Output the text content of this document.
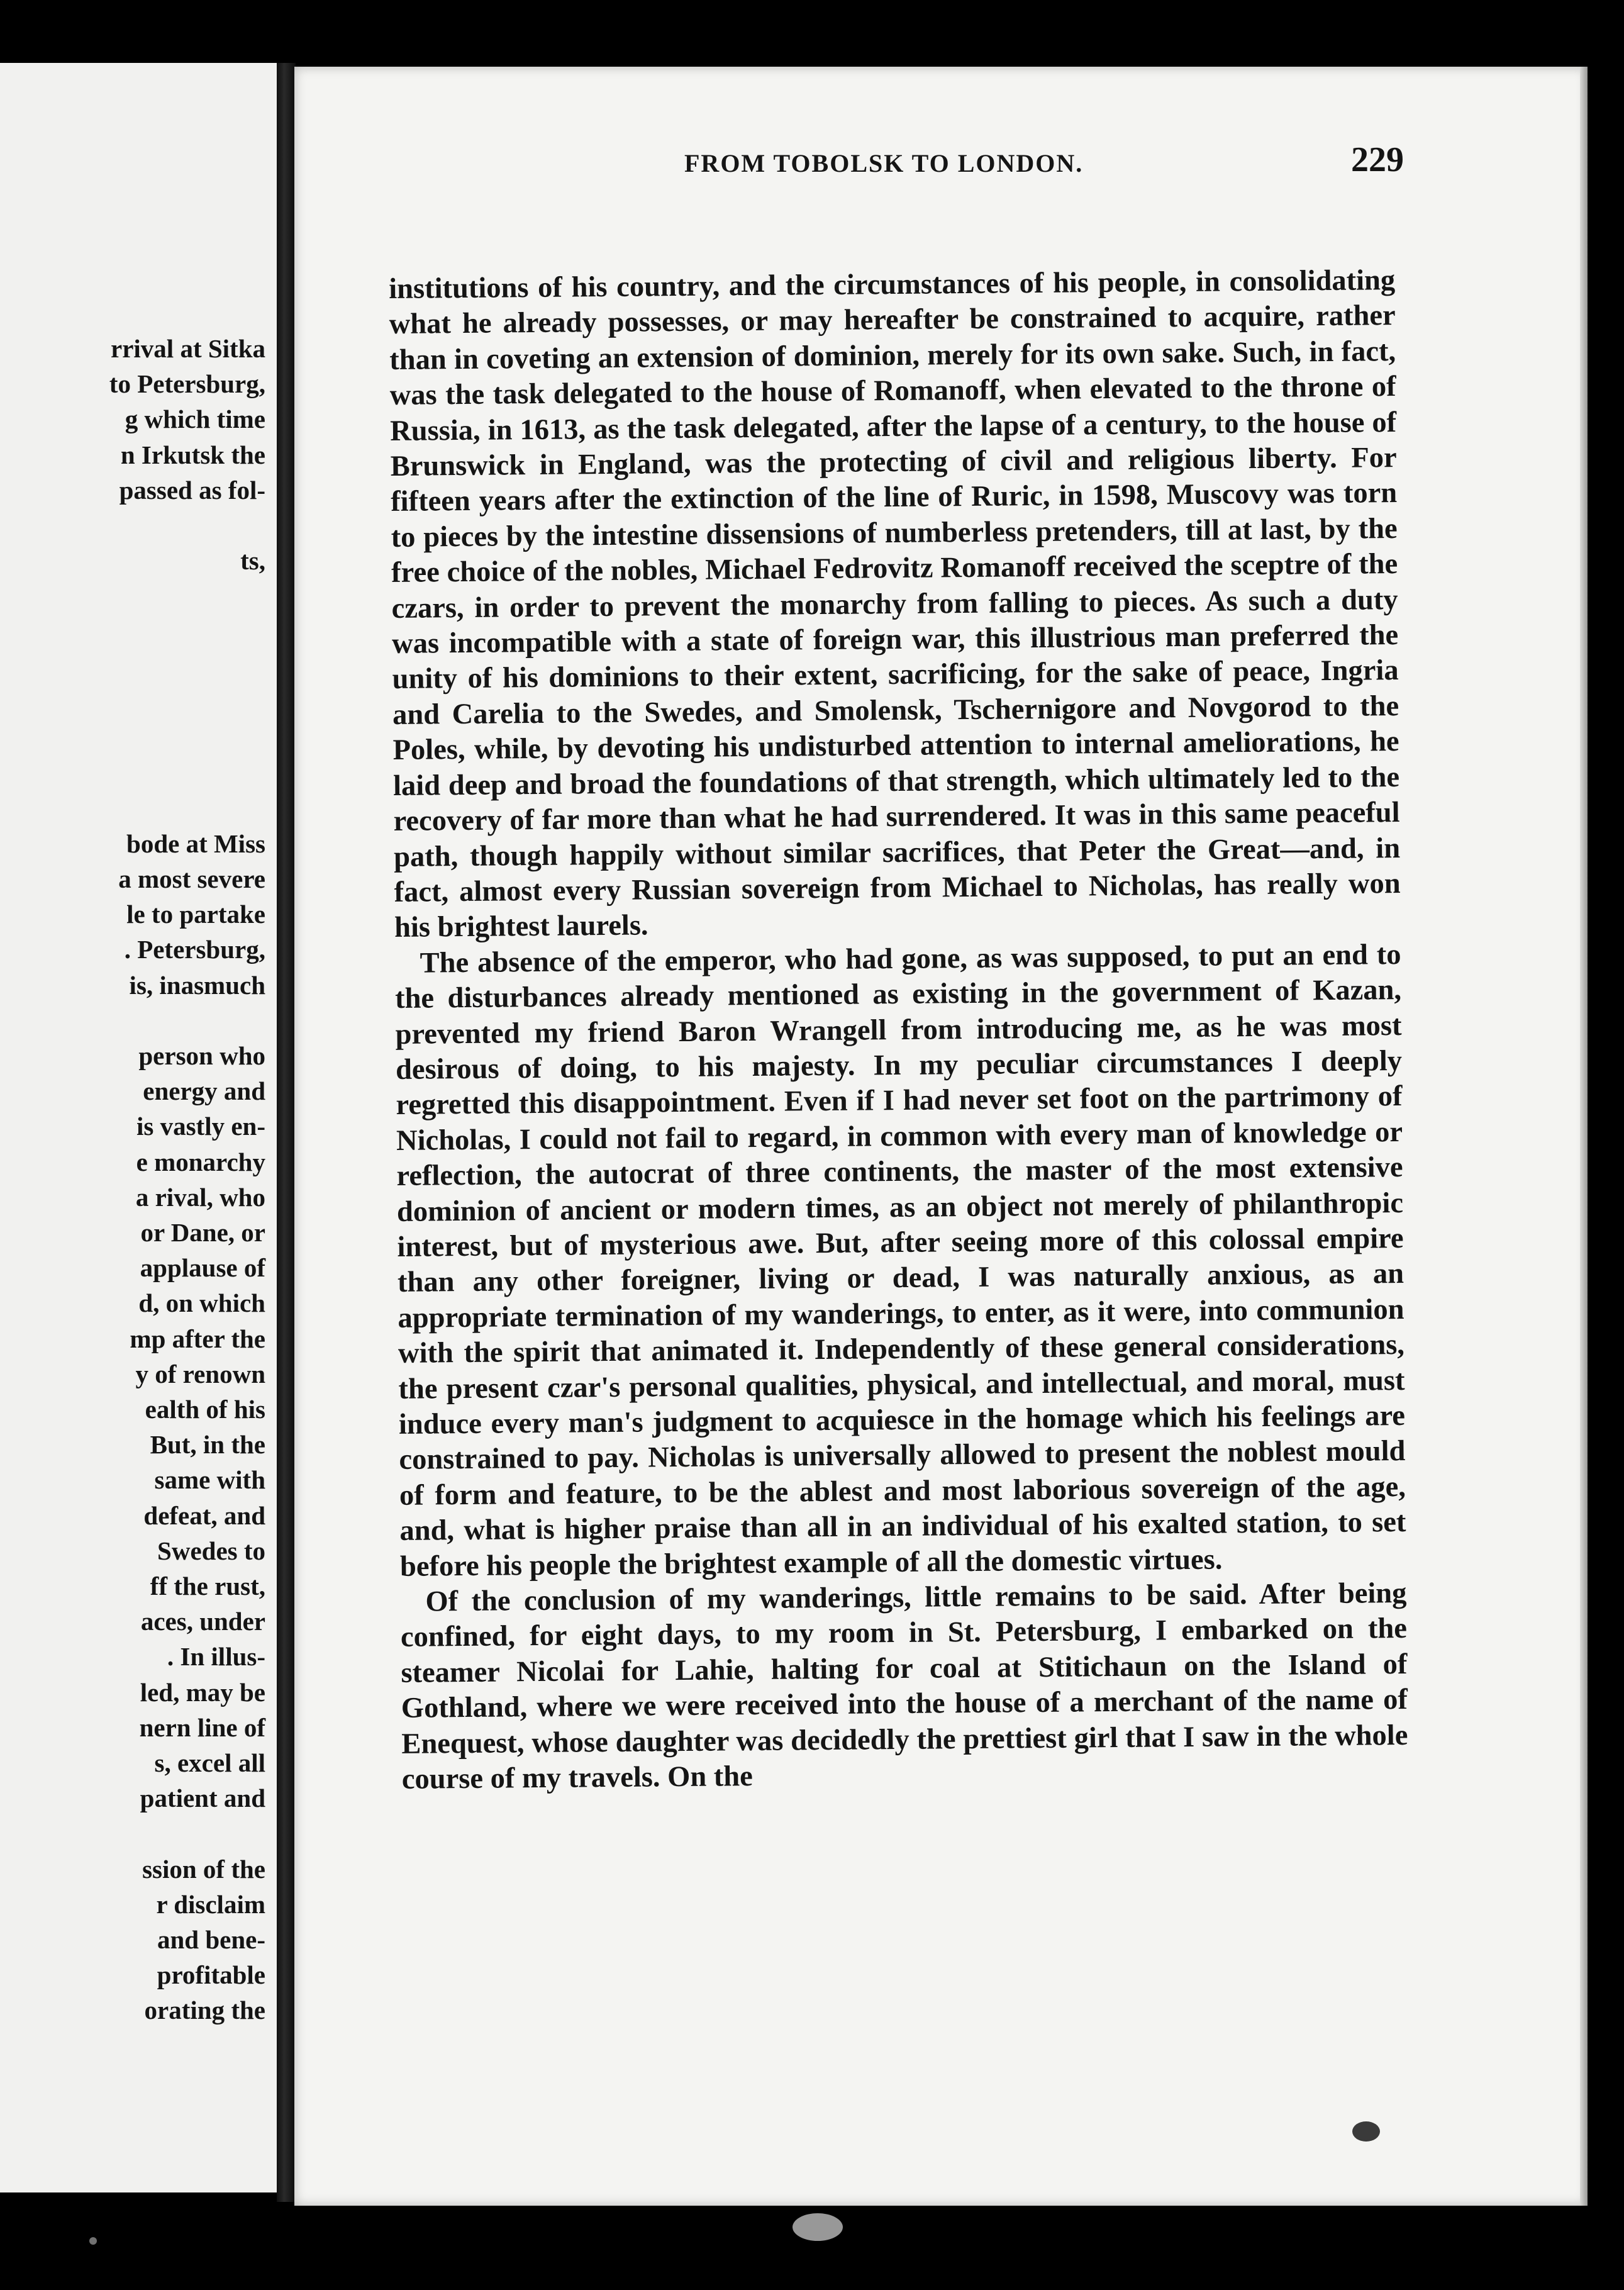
rrival at Sitka
to Petersburg,
g which time
n Irkutsk the
passed as fol-
ts,
bode at Miss
a most severe
le to partake
. Petersburg,
is, inasmuch
person who
energy and
is vastly en-
e monarchy
a rival, who
or Dane, or
applause of
d, on which
mp after the
y of renown
ealth of his
But, in the
same with
defeat, and
Swedes to
ff the rust,
aces, under
. In illus-
led, may be
nern line of
s, excel all
patient and
ssion of the
r disclaim
and bene-
profitable
orating the
FROM TOBOLSK TO LONDON.	229

institutions of his country, and the circumstances of his people, in consolidating what he already possesses, or may hereafter be constrained to acquire, rather than in coveting an extension of dominion, merely for its own sake. Such, in fact, was the task delegated to the house of Romanoff, when elevated to the throne of Russia, in 1613, as the task delegated, after the lapse of a century, to the house of Brunswick in England, was the protecting of civil and religious liberty. For fifteen years after the extinction of the line of Ruric, in 1598, Muscovy was torn to pieces by the intestine dissensions of numberless pretenders, till at last, by the free choice of the nobles, Michael Fedrovitz Romanoff received the sceptre of the czars, in order to prevent the monarchy from falling to pieces. As such a duty was incompatible with a state of foreign war, this illustrious man preferred the unity of his dominions to their extent, sacrificing, for the sake of peace, Ingria and Carelia to the Swedes, and Smolensk, Tschernigore and Novgorod to the Poles, while, by devoting his undisturbed attention to internal ameliorations, he laid deep and broad the foundations of that strength, which ultimately led to the recovery of far more than what he had surrendered. It was in this same peaceful path, though happily without similar sacrifices, that Peter the Great—and, in fact, almost every Russian sovereign from Michael to Nicholas, has really won his brightest laurels.

The absence of the emperor, who had gone, as was supposed, to put an end to the disturbances already mentioned as existing in the government of Kazan, prevented my friend Baron Wrangell from introducing me, as he was most desirous of doing, to his majesty. In my peculiar circumstances I deeply regretted this disappointment. Even if I had never set foot on the partrimony of Nicholas, I could not fail to regard, in common with every man of knowledge or reflection, the autocrat of three continents, the master of the most extensive dominion of ancient or modern times, as an object not merely of philanthropic interest, but of mysterious awe. But, after seeing more of this colossal empire than any other foreigner, living or dead, I was naturally anxious, as an appropriate termination of my wanderings, to enter, as it were, into communion with the spirit that animated it. Independently of these general considerations, the present czar's personal qualities, physical, and intellectual, and moral, must induce every man's judgment to acquiesce in the homage which his feelings are constrained to pay. Nicholas is universally allowed to present the noblest mould of form and feature, to be the ablest and most laborious sovereign of the age, and, what is higher praise than all in an individual of his exalted station, to set before his people the brightest example of all the domestic virtues.

Of the conclusion of my wanderings, little remains to be said. After being confined, for eight days, to my room in St. Petersburg, I embarked on the steamer Nicolai for Lahie, halting for coal at Stitichaun on the Island of Gothland, where we were received into the house of a merchant of the name of Enequest, whose daughter was decidedly the prettiest girl that I saw in the whole course of my travels. On the
